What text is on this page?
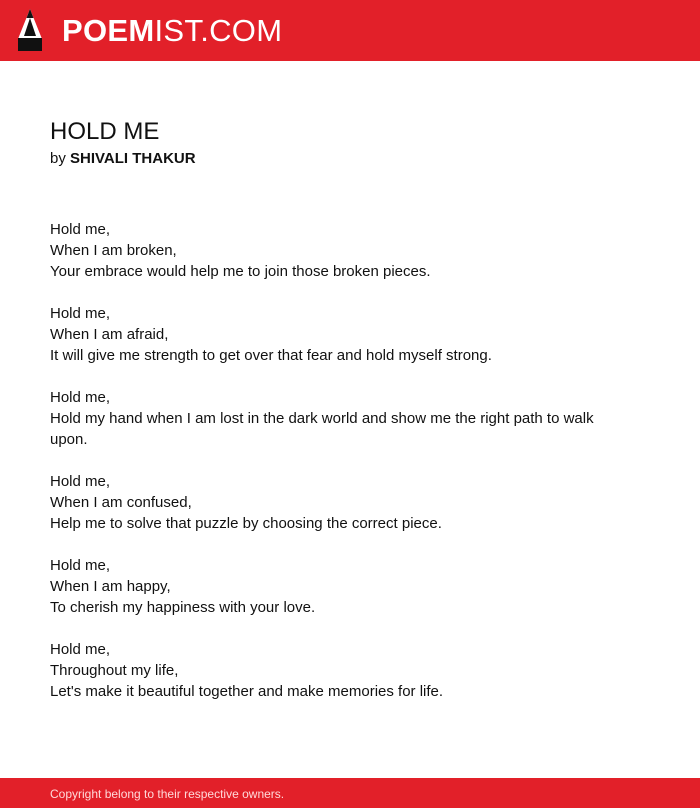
POEMIST.COM
HOLD ME
by SHIVALI THAKUR

Hold me,
When I am broken,
Your embrace would help me to join those broken pieces.

Hold me,
When I am afraid,
It will give me strength to get over that fear and hold myself strong.

Hold me,
Hold my hand when I am lost in the dark world and show me the right path to walk upon.

Hold me,
When I am confused,
Help me to solve that puzzle by choosing the correct piece.

Hold me,
When I am happy,
To cherish my happiness with your love.

Hold me,
Throughout my life,
Let's make it beautiful together and make memories for life.

Copyright belong to their respective owners.
